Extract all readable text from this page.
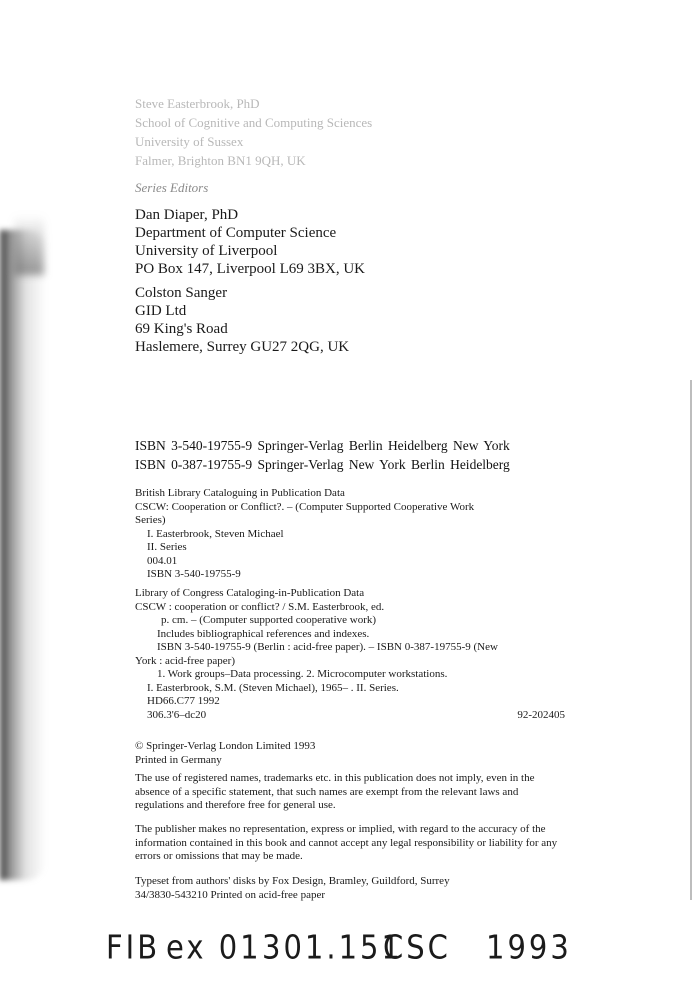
Steve Easterbrook, PhD
School of Cognitive and Computing Sciences
University of Sussex
Falmer, Brighton BN1 9QH, UK
Series Editors
Dan Diaper, PhD
Department of Computer Science
University of Liverpool
PO Box 147, Liverpool L69 3BX, UK
Colston Sanger
GID Ltd
69 King's Road
Haslemere, Surrey GU27 2QG, UK
ISBN 3-540-19755-9 Springer-Verlag Berlin Heidelberg New York
ISBN 0-387-19755-9 Springer-Verlag New York Berlin Heidelberg
British Library Cataloguing in Publication Data
CSCW: Cooperation or Conflict?. – (Computer Supported Cooperative Work
Series)
I. Easterbrook, Steven Michael
II. Series
004.01
ISBN 3-540-19755-9
Library of Congress Cataloging-in-Publication Data
CSCW : cooperation or conflict? / S.M. Easterbrook, ed.
p. cm. – (Computer supported cooperative work)
Includes bibliographical references and indexes.
ISBN 3-540-19755-9 (Berlin : acid-free paper). – ISBN 0-387-19755-9 (New
York : acid-free paper)
1. Work groups–Data processing. 2. Microcomputer workstations.
I. Easterbrook, S.M. (Steven Michael), 1965– . II. Series.
HD66.C77 1992
306.3'6–dc20	92-202405
© Springer-Verlag London Limited 1993
Printed in Germany
The use of registered names, trademarks etc. in this publication does not imply, even in the absence of a specific statement, that such names are exempt from the relevant laws and regulations and therefore free for general use.
The publisher makes no representation, express or implied, with regard to the accuracy of the information contained in this book and cannot accept any legal responsibility or liability for any errors or omissions that may be made.
Typeset from authors' disks by Fox Design, Bramley, Guildford, Surrey
34/3830-543210 Printed on acid-free paper
FIB ex 01 301.151
CSC 1993
